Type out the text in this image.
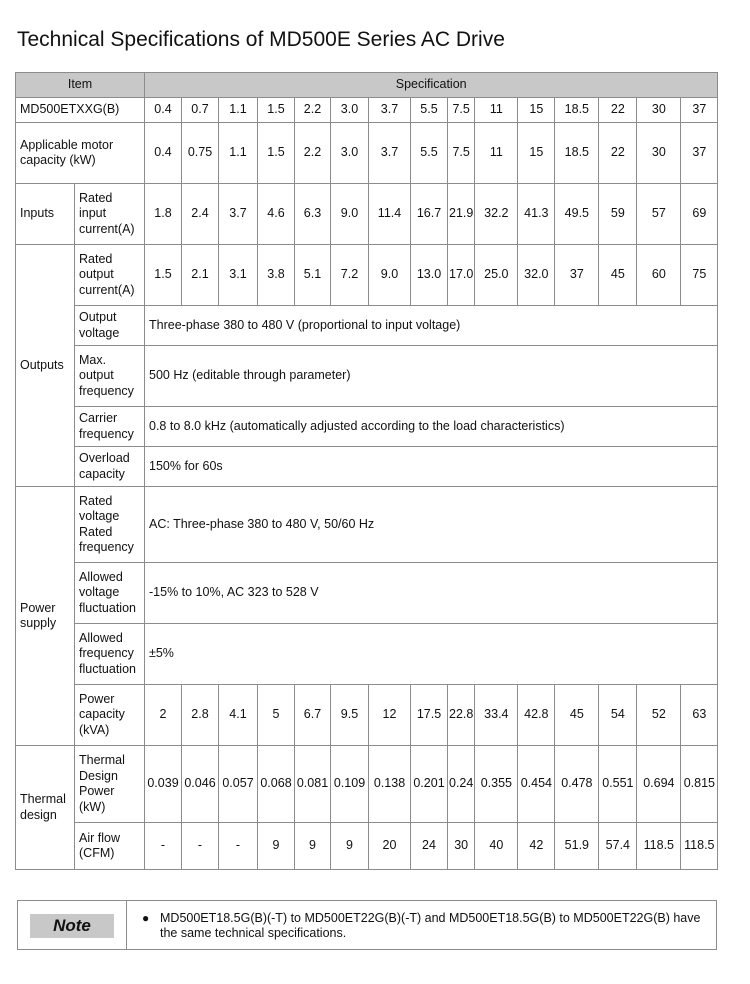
Technical Specifications of MD500E Series AC Drive
Item		Specification														
MD500ETXXG(B)		0.4	0.7	1.1	1.5	2.2	3.0	3.7	5.5	7.5	11	15	18.5	22	30	37
Applicable motor capacity (kW)		0.4	0.75	1.1	1.5	2.2	3.0	3.7	5.5	7.5	11	15	18.5	22	30	37
Inputs	Rated input current(A)	1.8	2.4	3.7	4.6	6.3	9.0	11.4	16.7	21.9	32.2	41.3	49.5	59	57	69
Outputs	Rated output current(A)	1.5	2.1	3.1	3.8	5.1	7.2	9.0	13.0	17.0	25.0	32.0	37	45	60	75
	Output voltage	Three-phase 380 to 480 V (proportional to input voltage)														
	Max. output frequency	500 Hz (editable through parameter)														
	Carrier frequency	0.8 to 8.0 kHz (automatically adjusted according to the load characteristics)														
	Overload capacity	150% for 60s														
Power supply	Rated voltage Rated frequency	AC: Three-phase 380 to 480 V, 50/60 Hz														
	Allowed voltage fluctuation	-15% to 10%, AC 323 to 528 V														
	Allowed frequency fluctuation	±5%														
	Power capacity (kVA)	2	2.8	4.1	5	6.7	9.5	12	17.5	22.8	33.4	42.8	45	54	52	63
Thermal design	Thermal Design Power (kW)	0.039	0.046	0.057	0.068	0.081	0.109	0.138	0.201	0.24	0.355	0.454	0.478	0.551	0.694	0.815
	Air flow (CFM)	-	-	-	9	9	9	20	24	30	40	42	51.9	57.4	118.5	118.5
Note	● MD500ET18.5G(B)(-T) to MD500ET22G(B)(-T) and MD500ET18.5G(B) to MD500ET22G(B) have the same technical specifications.
